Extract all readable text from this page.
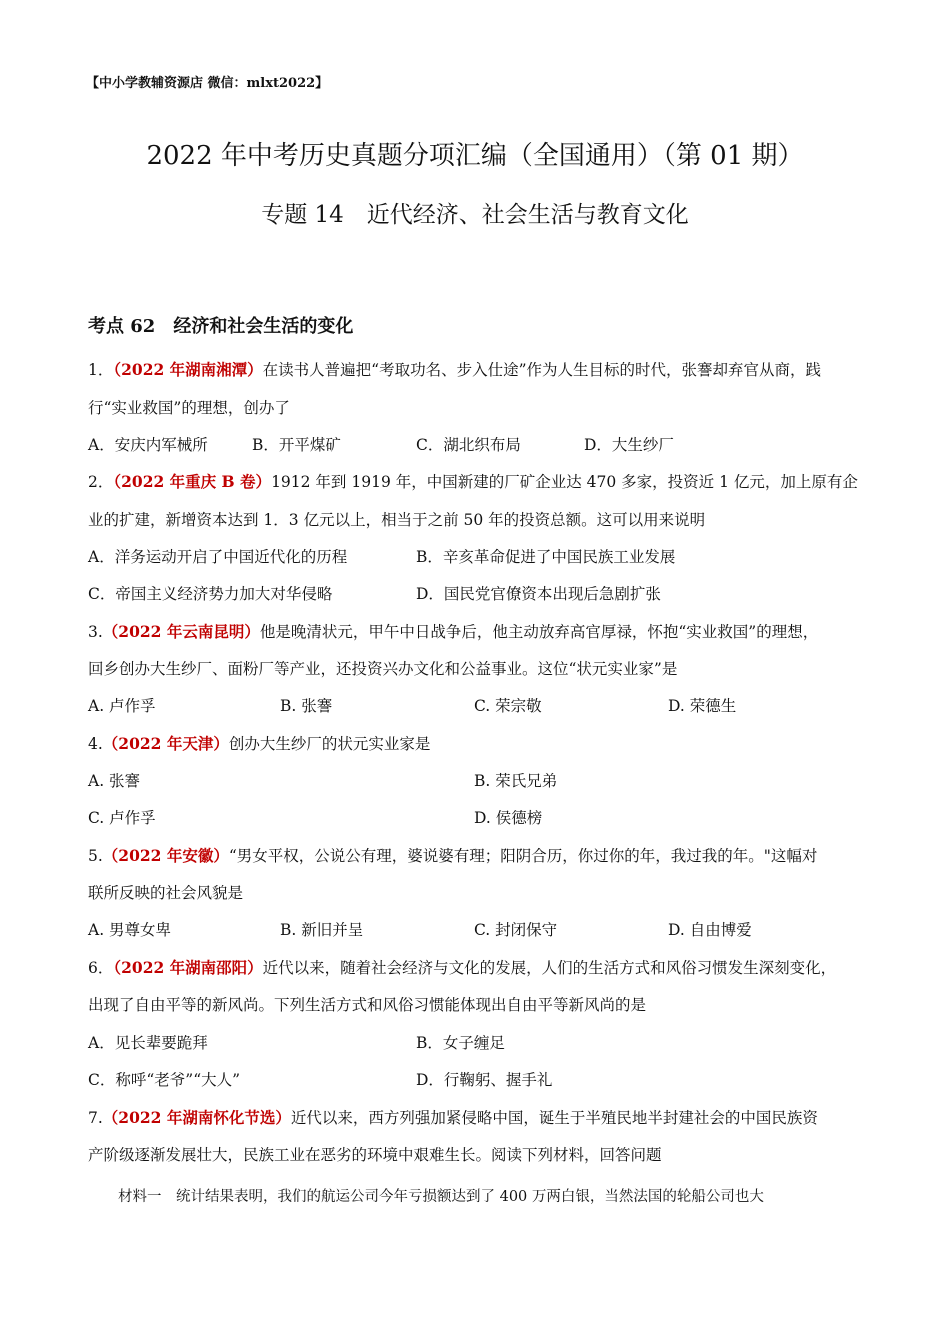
【中小学教辅资源店 微信：mlxt2022】
2022 年中考历史真题分项汇编（全国通用）（第 01 期）
专题 14　近代经济、社会生活与教育文化
考点 62　经济和社会生活的变化
1．（2022 年湖南湘潭）在读书人普遍把“考取功名、步入仕途”作为人生目标的时代，张謇却弃官从商，践
行“实业救国”的理想，创办了
A．安庆内军械所	B．开平煤矿	C．湖北织布局	D．大生纱厂
2．（2022 年重庆 B 卷）1912 年到 1919 年，中国新建的厂矿企业达 470 多家，投资近 1 亿元，加上原有企
业的扩建，新增资本达到 1．3 亿元以上，相当于之前 50 年的投资总额。这可以用来说明
A．洋务运动开启了中国近代化的历程	B．辛亥革命促进了中国民族工业发展
C．帝国主义经济势力加大对华侵略	D．国民党官僚资本出现后急剧扩张
3.（2022 年云南昆明）他是晚清状元，甲午中日战争后，他主动放弃高官厚禄，怀抱“实业救国”的理想，
回乡创办大生纱厂、面粉厂等产业，还投资兴办文化和公益事业。这位“状元实业家”是
A. 卢作孚	B. 张謇	C. 荣宗敬	D. 荣德生
4.（2022 年天津）创办大生纱厂的状元实业家是
A. 张謇	B. 荣氏兄弟
C. 卢作孚	D. 侯德榜
5.（2022 年安徽）“男女平权，公说公有理，婆说婆有理；阳阴合历，你过你的年，我过我的年。"这幅对
联所反映的社会风貌是
A. 男尊女卑	B. 新旧并呈	C. 封闭保守	D. 自由博爱
6．（2022 年湖南邵阳）近代以来，随着社会经济与文化的发展，人们的生活方式和风俗习惯发生深刻变化，
出现了自由平等的新风尚。下列生活方式和风俗习惯能体现出自由平等新风尚的是
A．见长辈要跪拜	B．女子缠足
C．称呼“老爷”“大人”	D．行鞠躬、握手礼
7.（2022 年湖南怀化节选）近代以来，西方列强加紧侵略中国，诞生于半殖民地半封建社会的中国民族资
产阶级逐渐发展壮大，民族工业在恶劣的环境中艰难生长。阅读下列材料，回答问题
材料一　统计结果表明，我们的航运公司今年亏损额达到了 400 万两白银，当然法国的轮船公司也大
